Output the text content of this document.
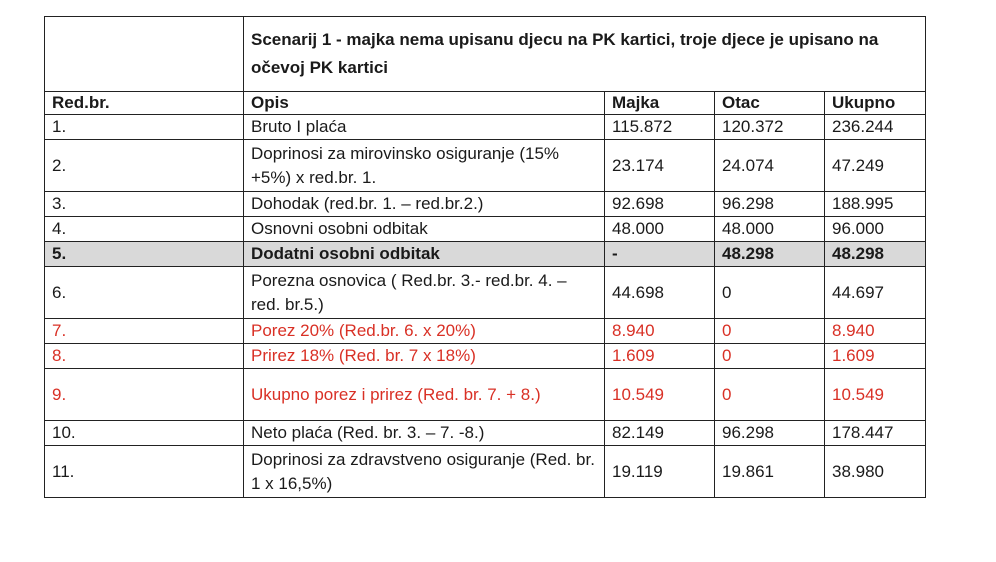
	Scenarij 1 - majka nema upisanu djecu na PK kartici, troje djece je upisano na očevoj PK kartici			
Red.br.	Opis	Majka	Otac	Ukupno
1.	Bruto I plaća	115.872	120.372	236.244
2.	Doprinosi za mirovinsko osiguranje (15% +5%) x red.br. 1.	23.174	24.074	47.249
3.	Dohodak (red.br. 1. – red.br.2.)	92.698	96.298	188.995
4.	Osnovni osobni odbitak	48.000	48.000	96.000
5.	Dodatni osobni odbitak	-	48.298	48.298
6.	Porezna osnovica ( Red.br. 3.- red.br. 4. – red. br.5.)	44.698	0	44.697
7.	Porez 20% (Red.br. 6. x 20%)	8.940	0	8.940
8.	Prirez 18% (Red. br. 7 x 18%)	1.609	0	1.609
9.	Ukupno porez i prirez (Red. br. 7. + 8.)	10.549	0	10.549
10.	Neto plaća (Red. br. 3. – 7. -8.)	82.149	96.298	178.447
11.	Doprinosi za zdravstveno osiguranje (Red. br. 1 x 16,5%)	19.119	19.861	38.980
